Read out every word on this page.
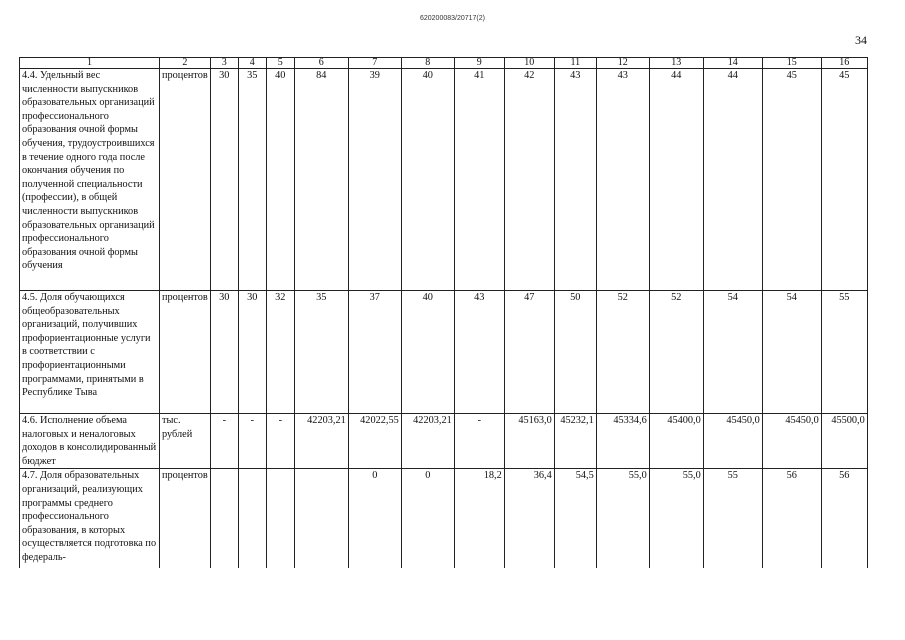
620200083/20717(2)
34
1	2	3	4	5	6	7	8	9	10	11	12	13	14	15	16
4.4. Удельный вес численности выпускников образовательных организаций профессионального образования очной формы обучения, трудоустроившихся в течение одного года после окончания обучения по полученной специальности (профессии), в общей численности выпускников образовательных организаций профессионального образования очной формы обучения	процентов	30	35	40	84	39	40	41	42	43	43	44	44	45	45
4.5. Доля обучающихся общеобразовательных организаций, получивших профориентационные услуги в соответствии с профориентационными программами, принятыми в Республике Тыва	процентов	30	30	32	35	37	40	43	47	50	52	52	54	54	55
4.6. Исполнение объема налоговых и неналоговых доходов в консолидированный бюджет	тыс. рублей	-	-	-	42203,21	42022,55	42203,21	-	45163,0	45232,1	45334,6	45400,0	45450,0	45450,0	45500,0
4.7. Доля образовательных организаций, реализующих программы среднего профессионального образования, в которых осуществляется подготовка по федераль-	процентов					0	0	18,2	36,4	54,5	55,0	55,0	55	56	56
